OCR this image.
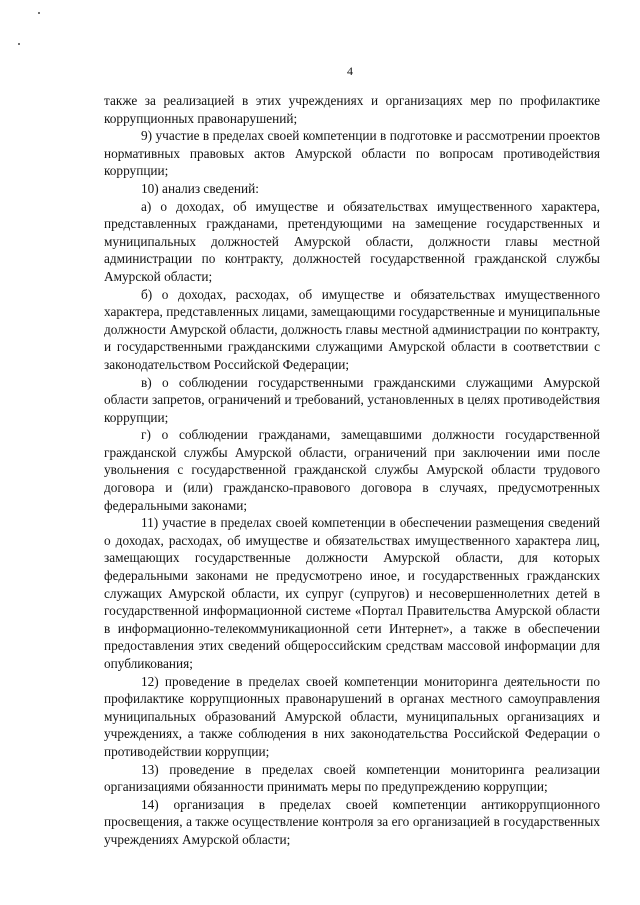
4

также за реализацией в этих учреждениях и организациях мер по профилактике коррупционных правонарушений;

9) участие в пределах своей компетенции в подготовке и рассмотрении проектов нормативных правовых актов Амурской области по вопросам противодействия коррупции;

10) анализ сведений:

а) о доходах, об имуществе и обязательствах имущественного характера, представленных гражданами, претендующими на замещение государственных и муниципальных должностей Амурской области, должности главы местной администрации по контракту, должностей государственной гражданской службы Амурской области;

б) о доходах, расходах, об имуществе и обязательствах имущественного характера, представленных лицами, замещающими государственные и муниципальные должности Амурской области, должность главы местной администрации по контракту, и государственными гражданскими служащими Амурской области в соответствии с законодательством Российской Федерации;

в) о соблюдении государственными гражданскими служащими Амурской области запретов, ограничений и требований, установленных в целях противодействия коррупции;

г) о соблюдении гражданами, замещавшими должности государственной гражданской службы Амурской области, ограничений при заключении ими после увольнения с государственной гражданской службы Амурской области трудового договора и (или) гражданско-правового договора в случаях, предусмотренных федеральными законами;

11) участие в пределах своей компетенции в обеспечении размещения сведений о доходах, расходах, об имуществе и обязательствах имущественного характера лиц, замещающих государственные должности Амурской области, для которых федеральными законами не предусмотрено иное, и государственных гражданских служащих Амурской области, их супруг (супругов) и несовершеннолетних детей в государственной информационной системе «Портал Правительства Амурской области в информационно-телекоммуникационной сети Интернет», а также в обеспечении предоставления этих сведений общероссийским средствам массовой информации для опубликования;

12) проведение в пределах своей компетенции мониторинга деятельности по профилактике коррупционных правонарушений в органах местного самоуправления муниципальных образований Амурской области, муниципальных организациях и учреждениях, а также соблюдения в них законодательства Российской Федерации о противодействии коррупции;

13) проведение в пределах своей компетенции мониторинга реализации организациями обязанности принимать меры по предупреждению коррупции;

14) организация в пределах своей компетенции антикоррупционного просвещения, а также осуществление контроля за его организацией в государственных учреждениях Амурской области;
